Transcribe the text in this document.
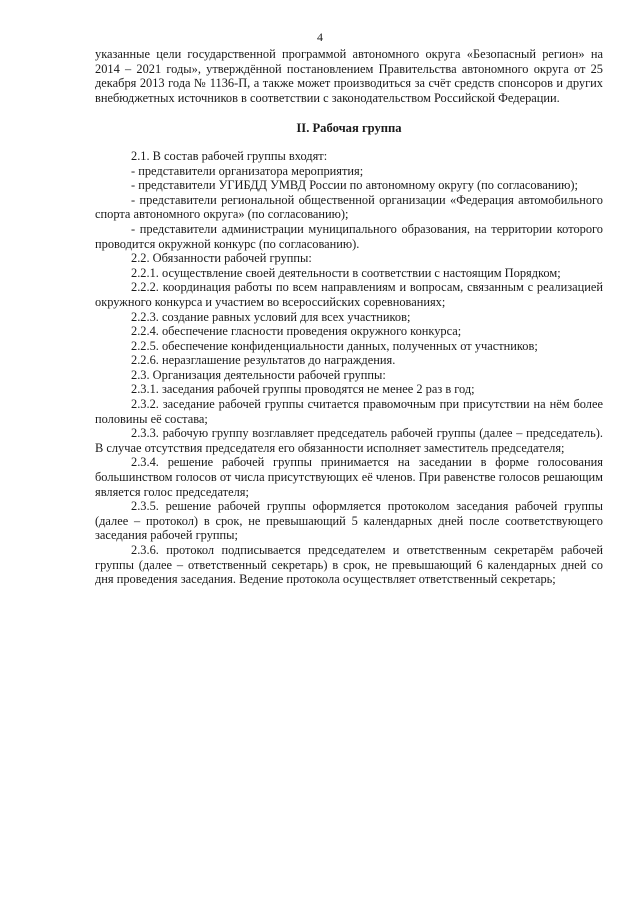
4

указанные цели государственной программой автономного округа «Безопасный регион» на 2014 – 2021 годы», утверждённой постановлением Правительства автономного округа от 25 декабря 2013 года № 1136-П, а также может производиться за счёт средств спонсоров и других внебюджетных источников в соответствии с законодательством Российской Федерации.

II. Рабочая группа

2.1. В состав рабочей группы входят:

- представители организатора мероприятия;

- представители УГИБДД УМВД России по автономному округу (по согласованию);

- представители региональной общественной организации «Федерация автомобильного спорта автономного округа» (по согласованию);

- представители администрации муниципального образования, на территории которого проводится окружной конкурс (по согласованию).

2.2. Обязанности рабочей группы:

2.2.1. осуществление своей деятельности в соответствии с настоящим Порядком;

2.2.2. координация работы по всем направлениям и вопросам, связанным с реализацией окружного конкурса и участием во всероссийских соревнованиях;

2.2.3. создание равных условий для всех участников;

2.2.4. обеспечение гласности проведения окружного конкурса;

2.2.5. обеспечение конфиденциальности данных, полученных от участников;

2.2.6. неразглашение результатов до награждения.

2.3. Организация деятельности рабочей группы:

2.3.1. заседания рабочей группы проводятся не менее 2 раз в год;

2.3.2. заседание рабочей группы считается правомочным при присутствии на нём более половины её состава;

2.3.3. рабочую группу возглавляет председатель рабочей группы (далее – председатель). В случае отсутствия председателя его обязанности исполняет заместитель председателя;

2.3.4. решение рабочей группы принимается на заседании в форме голосования большинством голосов от числа присутствующих её членов. При равенстве голосов решающим является голос председателя;

2.3.5. решение рабочей группы оформляется протоколом заседания рабочей группы (далее – протокол) в срок, не превышающий 5 календарных дней после соответствующего заседания рабочей группы;

2.3.6. протокол подписывается председателем и ответственным секретарём рабочей группы (далее – ответственный секретарь) в срок, не превышающий 6 календарных дней со дня проведения заседания. Ведение протокола осуществляет ответственный секретарь;
